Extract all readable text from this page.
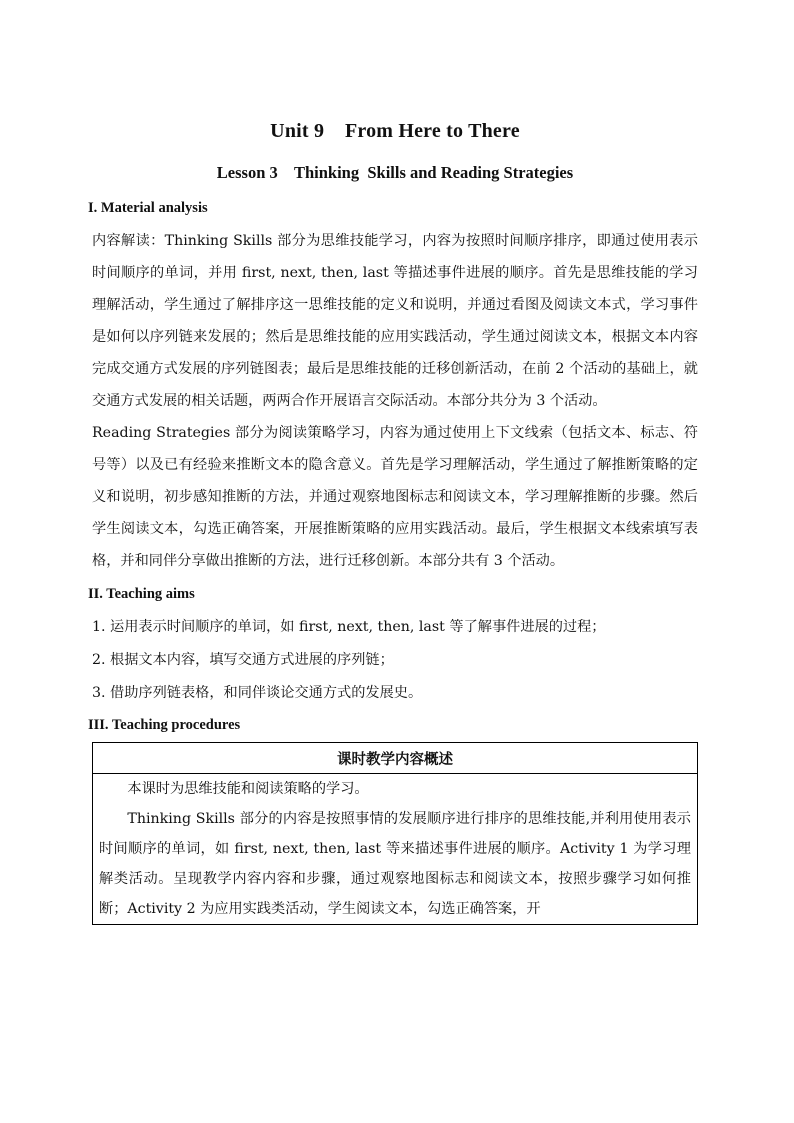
Unit 9    From Here to There
Lesson 3    Thinking  Skills and Reading Strategies
I. Material analysis

内容解读：Thinking Skills 部分为思维技能学习，内容为按照时间顺序排序，即通过使用表示时间顺序的单词，并用 first, next, then, last 等描述事件进展的顺序。首先是思维技能的学习理解活动，学生通过了解排序这一思维技能的定义和说明，并通过看图及阅读文本式，学习事件是如何以序列链来发展的；然后是思维技能的应用实践活动，学生通过阅读文本，根据文本内容完成交通方式发展的序列链图表；最后是思维技能的迁移创新活动，在前 2 个活动的基础上，就交通方式发展的相关话题，两两合作开展语言交际活动。本部分共分为 3 个活动。

Reading Strategies 部分为阅读策略学习，内容为通过使用上下文线索（包括文本、标志、符号等）以及已有经验来推断文本的隐含意义。首先是学习理解活动，学生通过了解推断策略的定义和说明，初步感知推断的方法，并通过观察地图标志和阅读文本，学习理解推断的步骤。然后学生阅读文本，勾选正确答案，开展推断策略的应用实践活动。最后，学生根据文本线索填写表格，并和同伴分享做出推断的方法，进行迁移创新。本部分共有 3 个活动。

II. Teaching aims
1. 运用表示时间顺序的单词，如 first, next, then, last 等了解事件进展的过程；
2. 根据文本内容，填写交通方式进展的序列链；
3. 借助序列链表格，和同伴谈论交通方式的发展史。
III. Teaching procedures
课时教学内容概述

本课时为思维技能和阅读策略的学习。

Thinking Skills 部分的内容是按照事情的发展顺序进行排序的思维技能,并利用使用表示时间顺序的单词，如 first, next, then, last 等来描述事件进展的顺序。Activity 1 为学习理解类活动。呈现教学内容内容和步骤，通过观察地图标志和阅读文本，按照步骤学习如何推断；Activity 2 为应用实践类活动，学生阅读文本，勾选正确答案，开
